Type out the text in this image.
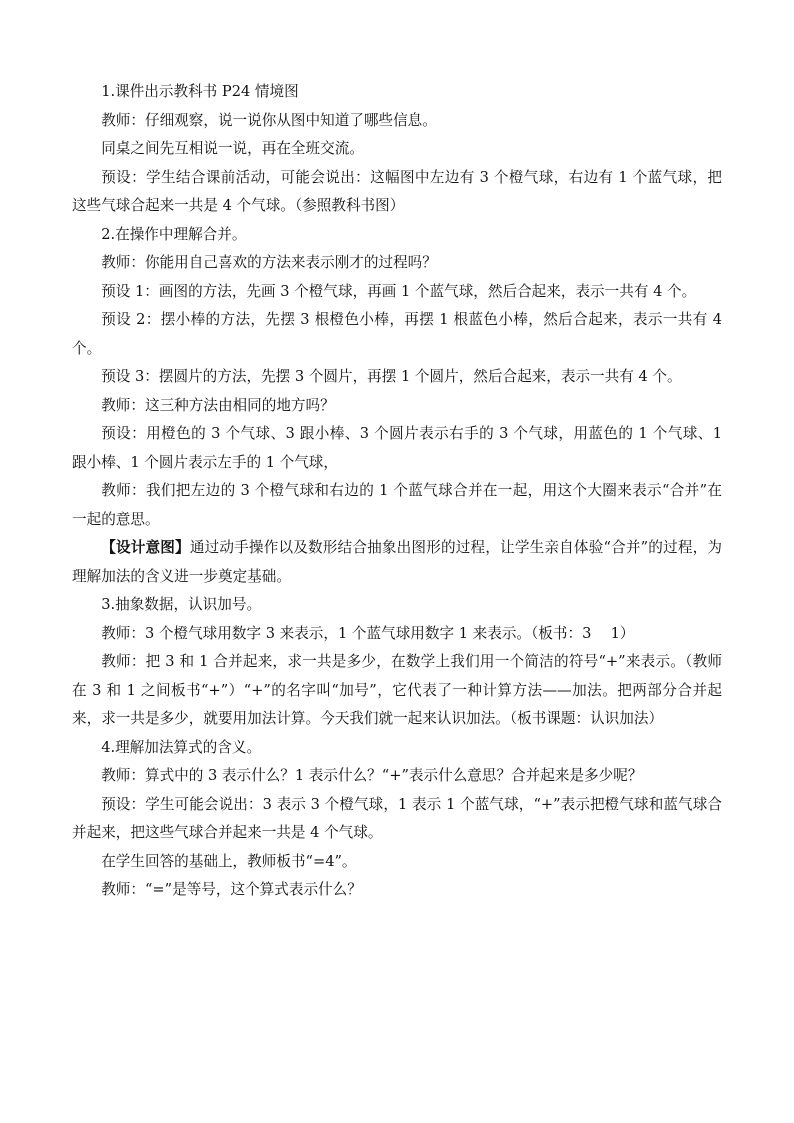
1.课件出示教科书 P24 情境图

教师：仔细观察，说一说你从图中知道了哪些信息。

同桌之间先互相说一说，再在全班交流。

预设：学生结合课前活动，可能会说出：这幅图中左边有 3 个橙气球，右边有 1 个蓝气球，把这些气球合起来一共是 4 个气球。（参照教科书图）

2.在操作中理解合并。

教师：你能用自己喜欢的方法来表示刚才的过程吗？

预设 1：画图的方法，先画 3 个橙气球，再画 1 个蓝气球，然后合起来，表示一共有 4 个。

预设 2：摆小棒的方法，先摆 3 根橙色小棒，再摆 1 根蓝色小棒，然后合起来，表示一共有 4 个。

预设 3：摆圆片的方法，先摆 3 个圆片，再摆 1 个圆片，然后合起来，表示一共有 4 个。

教师：这三种方法由相同的地方吗？

预设：用橙色的 3 个气球、3 跟小棒、3 个圆片表示右手的 3 个气球，用蓝色的 1 个气球、1 跟小棒、1 个圆片表示左手的 1 个气球，

教师：我们把左边的 3 个橙气球和右边的 1 个蓝气球合并在一起，用这个大圈来表示“合并”在一起的意思。

【设计意图】通过动手操作以及数形结合抽象出图形的过程，让学生亲自体验“合并”的过程，为理解加法的含义进一步奠定基础。

3.抽象数据，认识加号。

教师：3 个橙气球用数字 3 来表示，1 个蓝气球用数字 1 来表示。（板书：3　 1）

教师：把 3 和 1 合并起来，求一共是多少，在数学上我们用一个简洁的符号“+”来表示。（教师在 3 和 1 之间板书“+”）“+”的名字叫“加号”，它代表了一种计算方法——加法。把两部分合并起来，求一共是多少，就要用加法计算。今天我们就一起来认识加法。（板书课题：认识加法）

4.理解加法算式的含义。

教师：算式中的 3 表示什么？1 表示什么？“+”表示什么意思？合并起来是多少呢？

预设：学生可能会说出：3 表示 3 个橙气球，1 表示 1 个蓝气球，“+”表示把橙气球和蓝气球合并起来，把这些气球合并起来一共是 4 个气球。

在学生回答的基础上，教师板书“=4”。

教师：“=”是等号，这个算式表示什么？
